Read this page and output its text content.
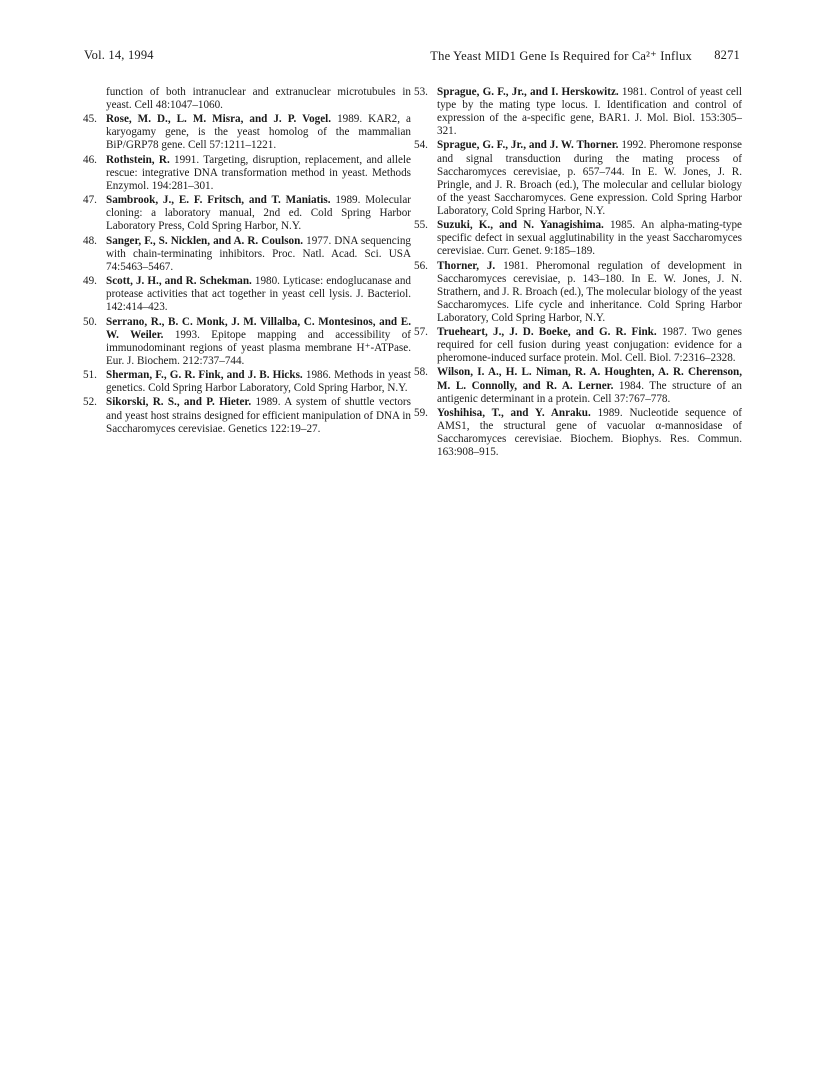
Vol. 14, 1994	The Yeast MID1 Gene Is Required for Ca²⁺ Influx 8271
function of both intranuclear and extranuclear microtubules in yeast. Cell 48:1047–1060.
45. Rose, M. D., L. M. Misra, and J. P. Vogel. 1989. KAR2, a karyogamy gene, is the yeast homolog of the mammalian BiP/GRP78 gene. Cell 57:1211–1221.
46. Rothstein, R. 1991. Targeting, disruption, replacement, and allele rescue: integrative DNA transformation method in yeast. Methods Enzymol. 194:281–301.
47. Sambrook, J., E. F. Fritsch, and T. Maniatis. 1989. Molecular cloning: a laboratory manual, 2nd ed. Cold Spring Harbor Laboratory Press, Cold Spring Harbor, N.Y.
48. Sanger, F., S. Nicklen, and A. R. Coulson. 1977. DNA sequencing with chain-terminating inhibitors. Proc. Natl. Acad. Sci. USA 74:5463–5467.
49. Scott, J. H., and R. Schekman. 1980. Lyticase: endoglucanase and protease activities that act together in yeast cell lysis. J. Bacteriol. 142:414–423.
50. Serrano, R., B. C. Monk, J. M. Villalba, C. Montesinos, and E. W. Weiler. 1993. Epitope mapping and accessibility of immunodominant regions of yeast plasma membrane H⁺-ATPase. Eur. J. Biochem. 212:737–744.
51. Sherman, F., G. R. Fink, and J. B. Hicks. 1986. Methods in yeast genetics. Cold Spring Harbor Laboratory, Cold Spring Harbor, N.Y.
52. Sikorski, R. S., and P. Hieter. 1989. A system of shuttle vectors and yeast host strains designed for efficient manipulation of DNA in Saccharomyces cerevisiae. Genetics 122:19–27.
53. Sprague, G. F., Jr., and I. Herskowitz. 1981. Control of yeast cell type by the mating type locus. I. Identification and control of expression of the a-specific gene, BAR1. J. Mol. Biol. 153:305–321.
54. Sprague, G. F., Jr., and J. W. Thorner. 1992. Pheromone response and signal transduction during the mating process of Saccharomyces cerevisiae, p. 657–744. In E. W. Jones, J. R. Pringle, and J. R. Broach (ed.), The molecular and cellular biology of the yeast Saccharomyces. Gene expression. Cold Spring Harbor Laboratory, Cold Spring Harbor, N.Y.
55. Suzuki, K., and N. Yanagishima. 1985. An alpha-mating-type specific defect in sexual agglutinability in the yeast Saccharomyces cerevisiae. Curr. Genet. 9:185–189.
56. Thorner, J. 1981. Pheromonal regulation of development in Saccharomyces cerevisiae, p. 143–180. In E. W. Jones, J. N. Strathern, and J. R. Broach (ed.), The molecular biology of the yeast Saccharomyces. Life cycle and inheritance. Cold Spring Harbor Laboratory, Cold Spring Harbor, N.Y.
57. Trueheart, J., J. D. Boeke, and G. R. Fink. 1987. Two genes required for cell fusion during yeast conjugation: evidence for a pheromone-induced surface protein. Mol. Cell. Biol. 7:2316–2328.
58. Wilson, I. A., H. L. Niman, R. A. Houghten, A. R. Cherenson, M. L. Connolly, and R. A. Lerner. 1984. The structure of an antigenic determinant in a protein. Cell 37:767–778.
59. Yoshihisa, T., and Y. Anraku. 1989. Nucleotide sequence of AMS1, the structural gene of vacuolar α-mannosidase of Saccharomyces cerevisiae. Biochem. Biophys. Res. Commun. 163:908–915.
